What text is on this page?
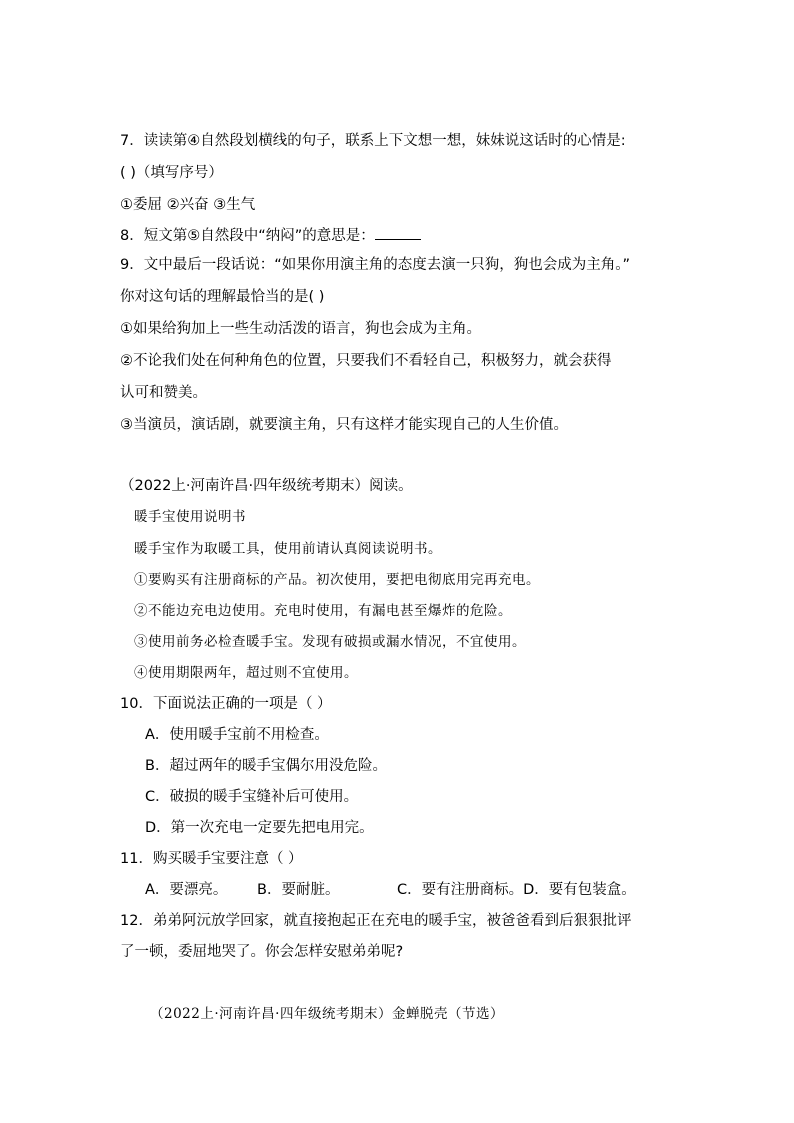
7．读读第④自然段划横线的句子，联系上下文想一想，妹妹说这话时的心情是:
( )（填写序号）
①委屈 ②兴奋 ③生气
8．短文第⑤自然段中“纳闷”的意思是：
9．文中最后一段话说：“如果你用演主角的态度去演一只狗，狗也会成为主角。”
你对这句话的理解最恰当的是( )
①如果给狗加上一些生动活泼的语言，狗也会成为主角。
②不论我们处在何种角色的位置，只要我们不看轻自己，积极努力，就会获得
认可和赞美。
③当演员，演话剧，就要演主角，只有这样才能实现自己的人生价值。
（2022上·河南许昌·四年级统考期末）阅读。
暖手宝使用说明书
暖手宝作为取暖工具，使用前请认真阅读说明书。
①要购买有注册商标的产品。初次使用，要把电彻底用完再充电。
②不能边充电边使用。充电时使用，有漏电甚至爆炸的危险。
③使用前务必检查暖手宝。发现有破损或漏水情况，不宜使用。
④使用期限两年，超过则不宜使用。
10．下面说法正确的一项是（ ）
A．使用暖手宝前不用检查。
B．超过两年的暖手宝偶尔用没危险。
C．破损的暖手宝缝补后可使用。
D．第一次充电一定要先把电用完。
11．购买暖手宝要注意（ ）
A．要漂亮。 B．要耐脏。	C．要有注册商标。D．要有包装盒。
12．弟弟阿沅放学回家，就直接抱起正在充电的暖手宝，被爸爸看到后狠狠批评
了一顿，委屈地哭了。你会怎样安慰弟弟呢?
（2022上·河南许昌·四年级统考期末）金蝉脱壳（节选）
